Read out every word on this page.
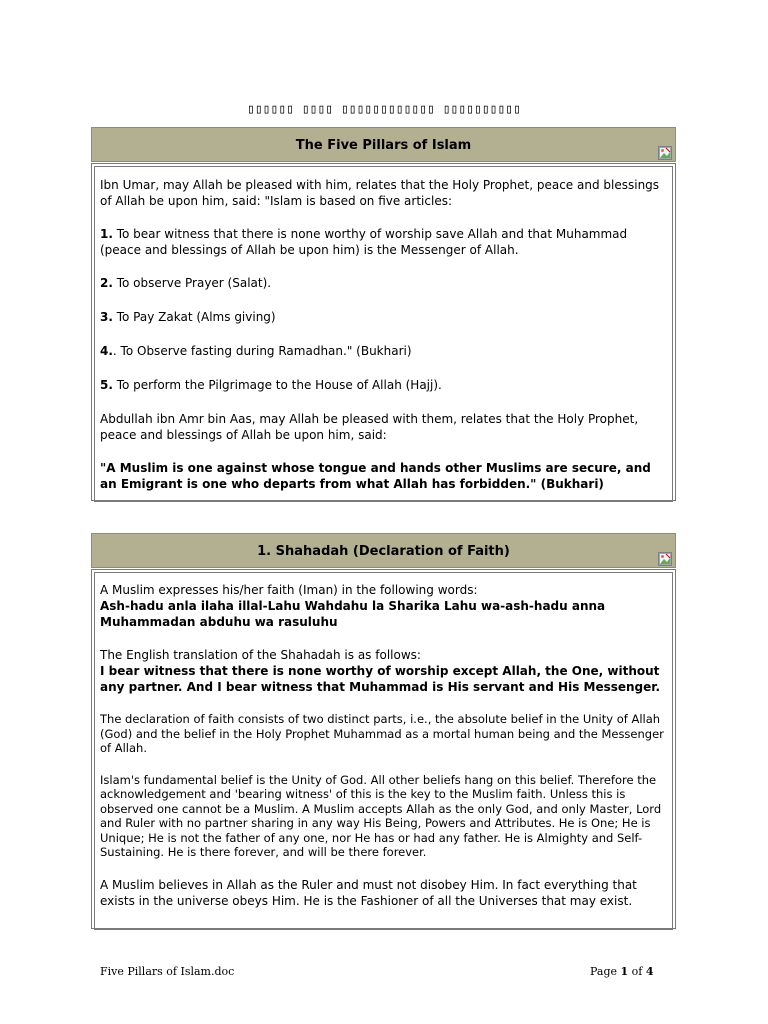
▯▯▯▯▯▯ ▯▯▯▯ ▯▯▯▯▯▯▯▯▯▯▯▯ ▯▯▯▯▯▯▯▯▯▯
The Five Pillars of Islam

Ibn Umar, may Allah be pleased with him, relates that the Holy Prophet, peace and blessings of Allah be upon him, said: "Islam is based on five articles:

1. To bear witness that there is none worthy of worship save Allah and that Muhammad (peace and blessings of Allah be upon him) is the Messenger of Allah.

2. To observe Prayer (Salat).

3. To Pay Zakat (Alms giving)

4.. To Observe fasting during Ramadhan." (Bukhari)

5. To perform the Pilgrimage to the House of Allah (Hajj).

Abdullah ibn Amr bin Aas, may Allah be pleased with them, relates that the Holy Prophet, peace and blessings of Allah be upon him, said:

"A Muslim is one against whose tongue and hands other Muslims are secure, and an Emigrant is one who departs from what Allah has forbidden." (Bukhari)

1. Shahadah (Declaration of Faith)

A Muslim expresses his/her faith (Iman) in the following words:
Ash-hadu anla ilaha illal-Lahu Wahdahu la Sharika Lahu wa-ash-hadu anna Muhammadan abduhu wa rasuluhu

The English translation of the Shahadah is as follows:
I bear witness that there is none worthy of worship except Allah, the One, without any partner. And I bear witness that Muhammad is His servant and His Messenger.

The declaration of faith consists of two distinct parts, i.e., the absolute belief in the Unity of Allah (God) and the belief in the Holy Prophet Muhammad as a mortal human being and the Messenger of Allah.

Islam's fundamental belief is the Unity of God. All other beliefs hang on this belief. Therefore the acknowledgement and 'bearing witness' of this is the key to the Muslim faith. Unless this is observed one cannot be a Muslim. A Muslim accepts Allah as the only God, and only Master, Lord and Ruler with no partner sharing in any way His Being, Powers and Attributes. He is One; He is Unique; He is not the father of any one, nor He has or had any father. He is Almighty and Self-Sustaining. He is there forever, and will be there forever.

A Muslim believes in Allah as the Ruler and must not disobey Him. In fact everything that exists in the universe obeys Him. He is the Fashioner of all the Universes that may exist.

Five Pillars of Islam.doc	Page 1 of 4
